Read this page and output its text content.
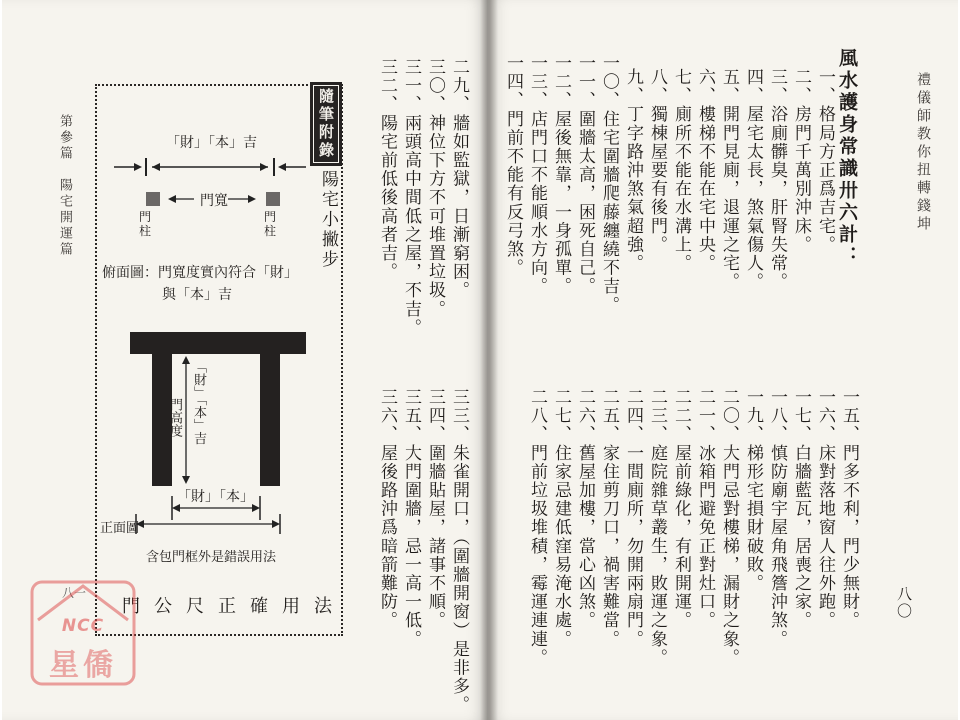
禮儀師教你扭轉錢坤
八〇
風水護身常識卅六計：
一、格局方正爲吉宅。
二、房門千萬別沖床。
三、浴廁髒臭，肝腎失常。
四、屋宅太長，煞氣傷人。
五、開門見廁，退運之宅。
六、樓梯不能在宅中央。
七、廁所不能在水溝上。
八、獨棟屋要有後門。
九、丁字路沖煞氣超強。
一〇、住宅圍牆爬藤纏繞不吉。
一一、圍牆太高，困死自己。
一二、屋後無靠，一身孤單。
一三、店門口不能順水方向。
一四、門前不能有反弓煞。
一五、門多不利，門少無財。
一六、床對落地窗人往外跑。
一七、白牆藍瓦，居喪之家。
一八、慎防廟宇屋角飛簷沖煞。
一九、梯形宅損財破敗。
二〇、大門忌對樓梯，漏財之象。
二一、冰箱門避免正對灶口。
二二、屋前綠化，有利開運。
二三、庭院雜草叢生，敗運之象。
二四、一間廁所，勿開兩扇門。
二五、家住剪刀口，禍害難當。
二六、舊屋加樓，當心凶煞。
二七、住家忌建低窪易淹水處。
二八、門前垃圾堆積，霉運連連。
第參篇　陽宅開運篇	二九、牆如監獄，日漸窮困。
三〇、神位下方不可堆置垃圾。
三一、兩頭高中間低之屋，不吉。
三二、陽宅前低後高者吉。
三三、朱雀開口，（圍牆開窗）是非多。
三四、圍牆貼屋，諸事不順。
三五、大門圍牆，忌一高一低。
三六、屋後路沖爲暗箭難防。
八一
隨筆附錄
陽宅小撇步
「財」「本」吉
門寬
門柱
門柱
俯面圖：門寬度實內符合「財」
與「本」吉
門高度 「財」「本」吉
「財」「本」
正面圖
含包門框外是錯誤用法
門公尺正確用法
NCC
星僑
